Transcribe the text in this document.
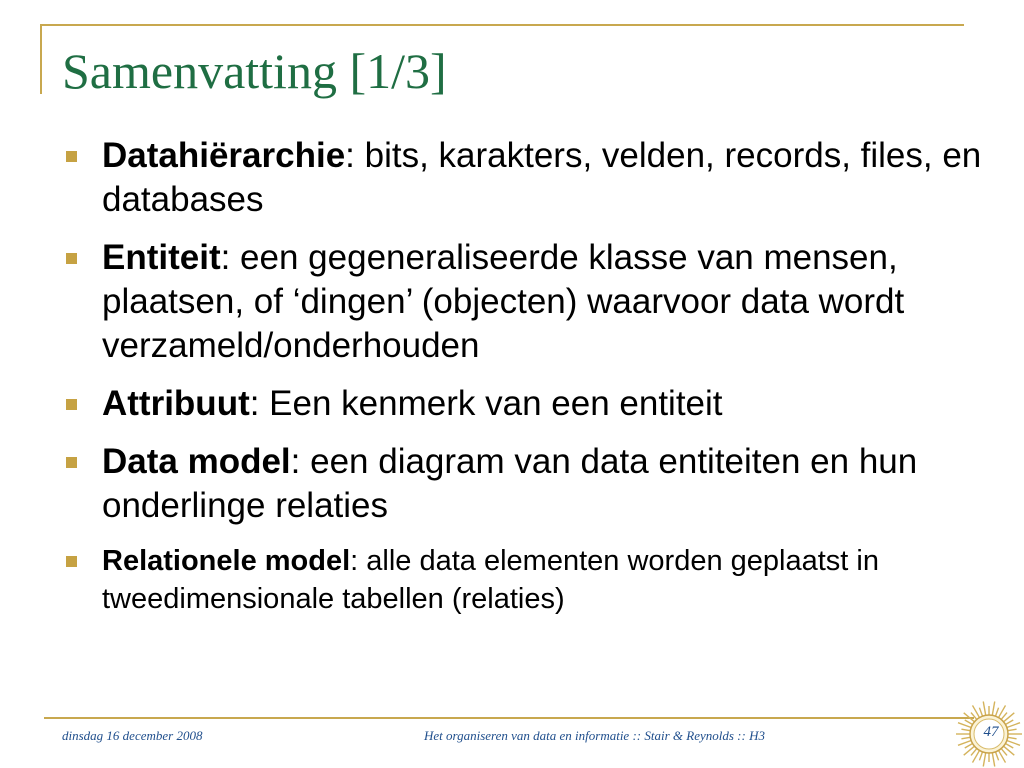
Samenvatting [1/3]
Datahiërarchie: bits, karakters, velden, records, files, en databases
Entiteit: een gegeneraliseerde klasse van mensen, plaatsen, of ‘dingen’ (objecten) waarvoor data wordt verzameld/onderhouden
Attribuut: Een kenmerk van een entiteit
Data model: een diagram van data entiteiten en hun onderlinge relaties
Relationele model: alle data elementen worden geplaatst in tweedimensionale tabellen (relaties)
dinsdag 16 december 2008	Het organiseren van data en informatie :: Stair & Reynolds :: H3	47
